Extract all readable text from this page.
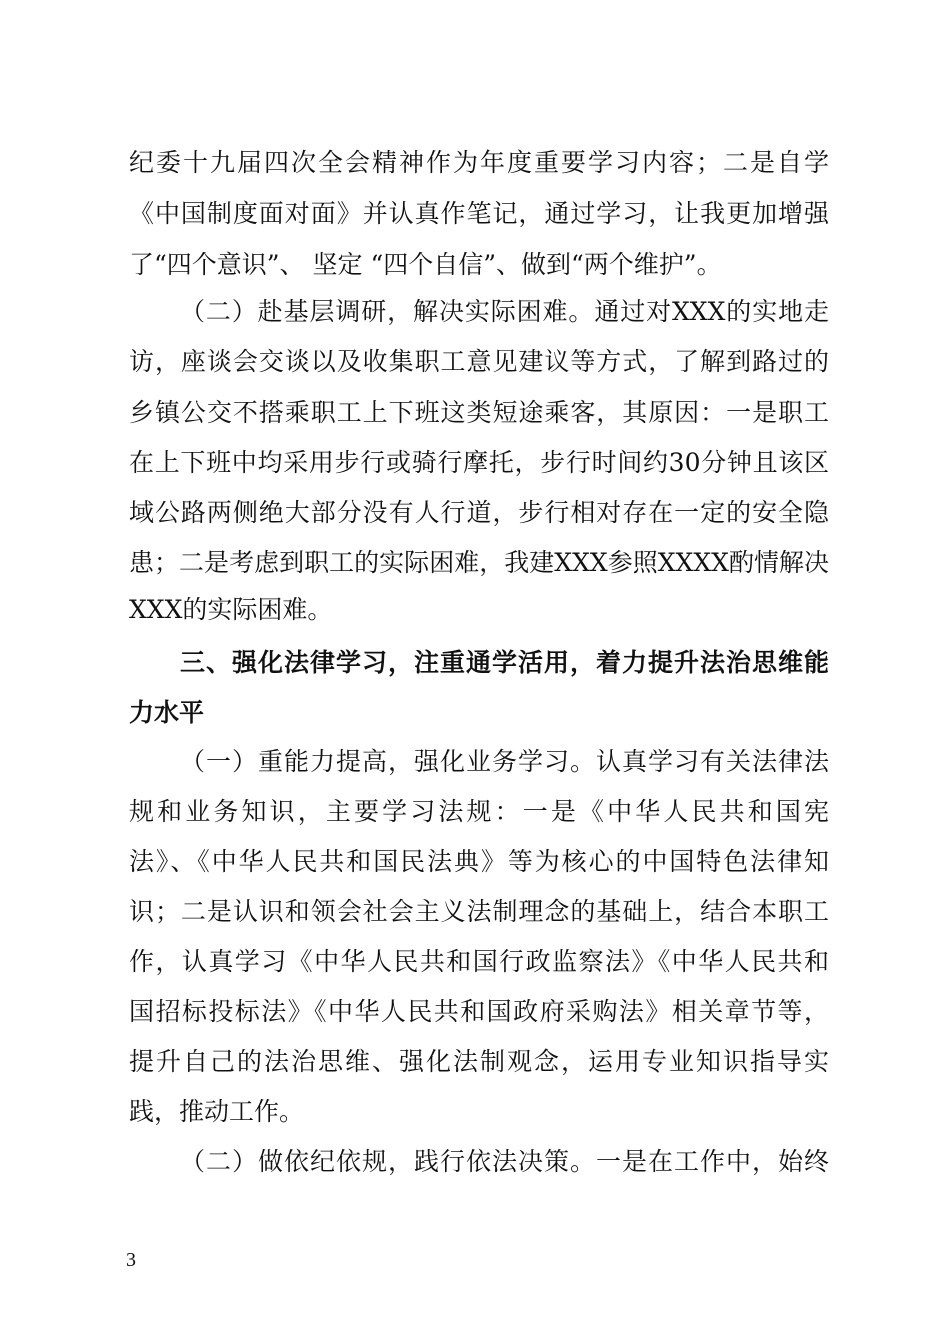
纪委十九届四次全会精神作为年度重要学习内容；二是自学
《中国制度面对面》并认真作笔记，通过学习，让我更加增强
了“四个意识”、 坚定 “四个自信”、做到“两个维护”。
（二）赴基层调研，解决实际困难。通过对XXX的实地走
访，座谈会交谈以及收集职工意见建议等方式，了解到路过的
乡镇公交不搭乘职工上下班这类短途乘客，其原因：一是职工
在上下班中均采用步行或骑行摩托，步行时间约30分钟且该区
域公路两侧绝大部分没有人行道，步行相对存在一定的安全隐
患；二是考虑到职工的实际困难，我建XXX参照XXXX酌情解决
XXX的实际困难。
三、强化法律学习，注重通学活用，着力提升法治思维能
力水平
（一）重能力提高，强化业务学习。认真学习有关法律法
规和业务知识，主要学习法规：一是《中华人民共和国宪
法》、《中华人民共和国民法典》等为核心的中国特色法律知
识；二是认识和领会社会主义法制理念的基础上，结合本职工
作，认真学习《中华人民共和国行政监察法》《中华人民共和
国招标投标法》《中华人民共和国政府采购法》相关章节等，
提升自己的法治思维、强化法制观念，运用专业知识指导实
践，推动工作。
（二）做依纪依规，践行依法决策。一是在工作中，始终
3
